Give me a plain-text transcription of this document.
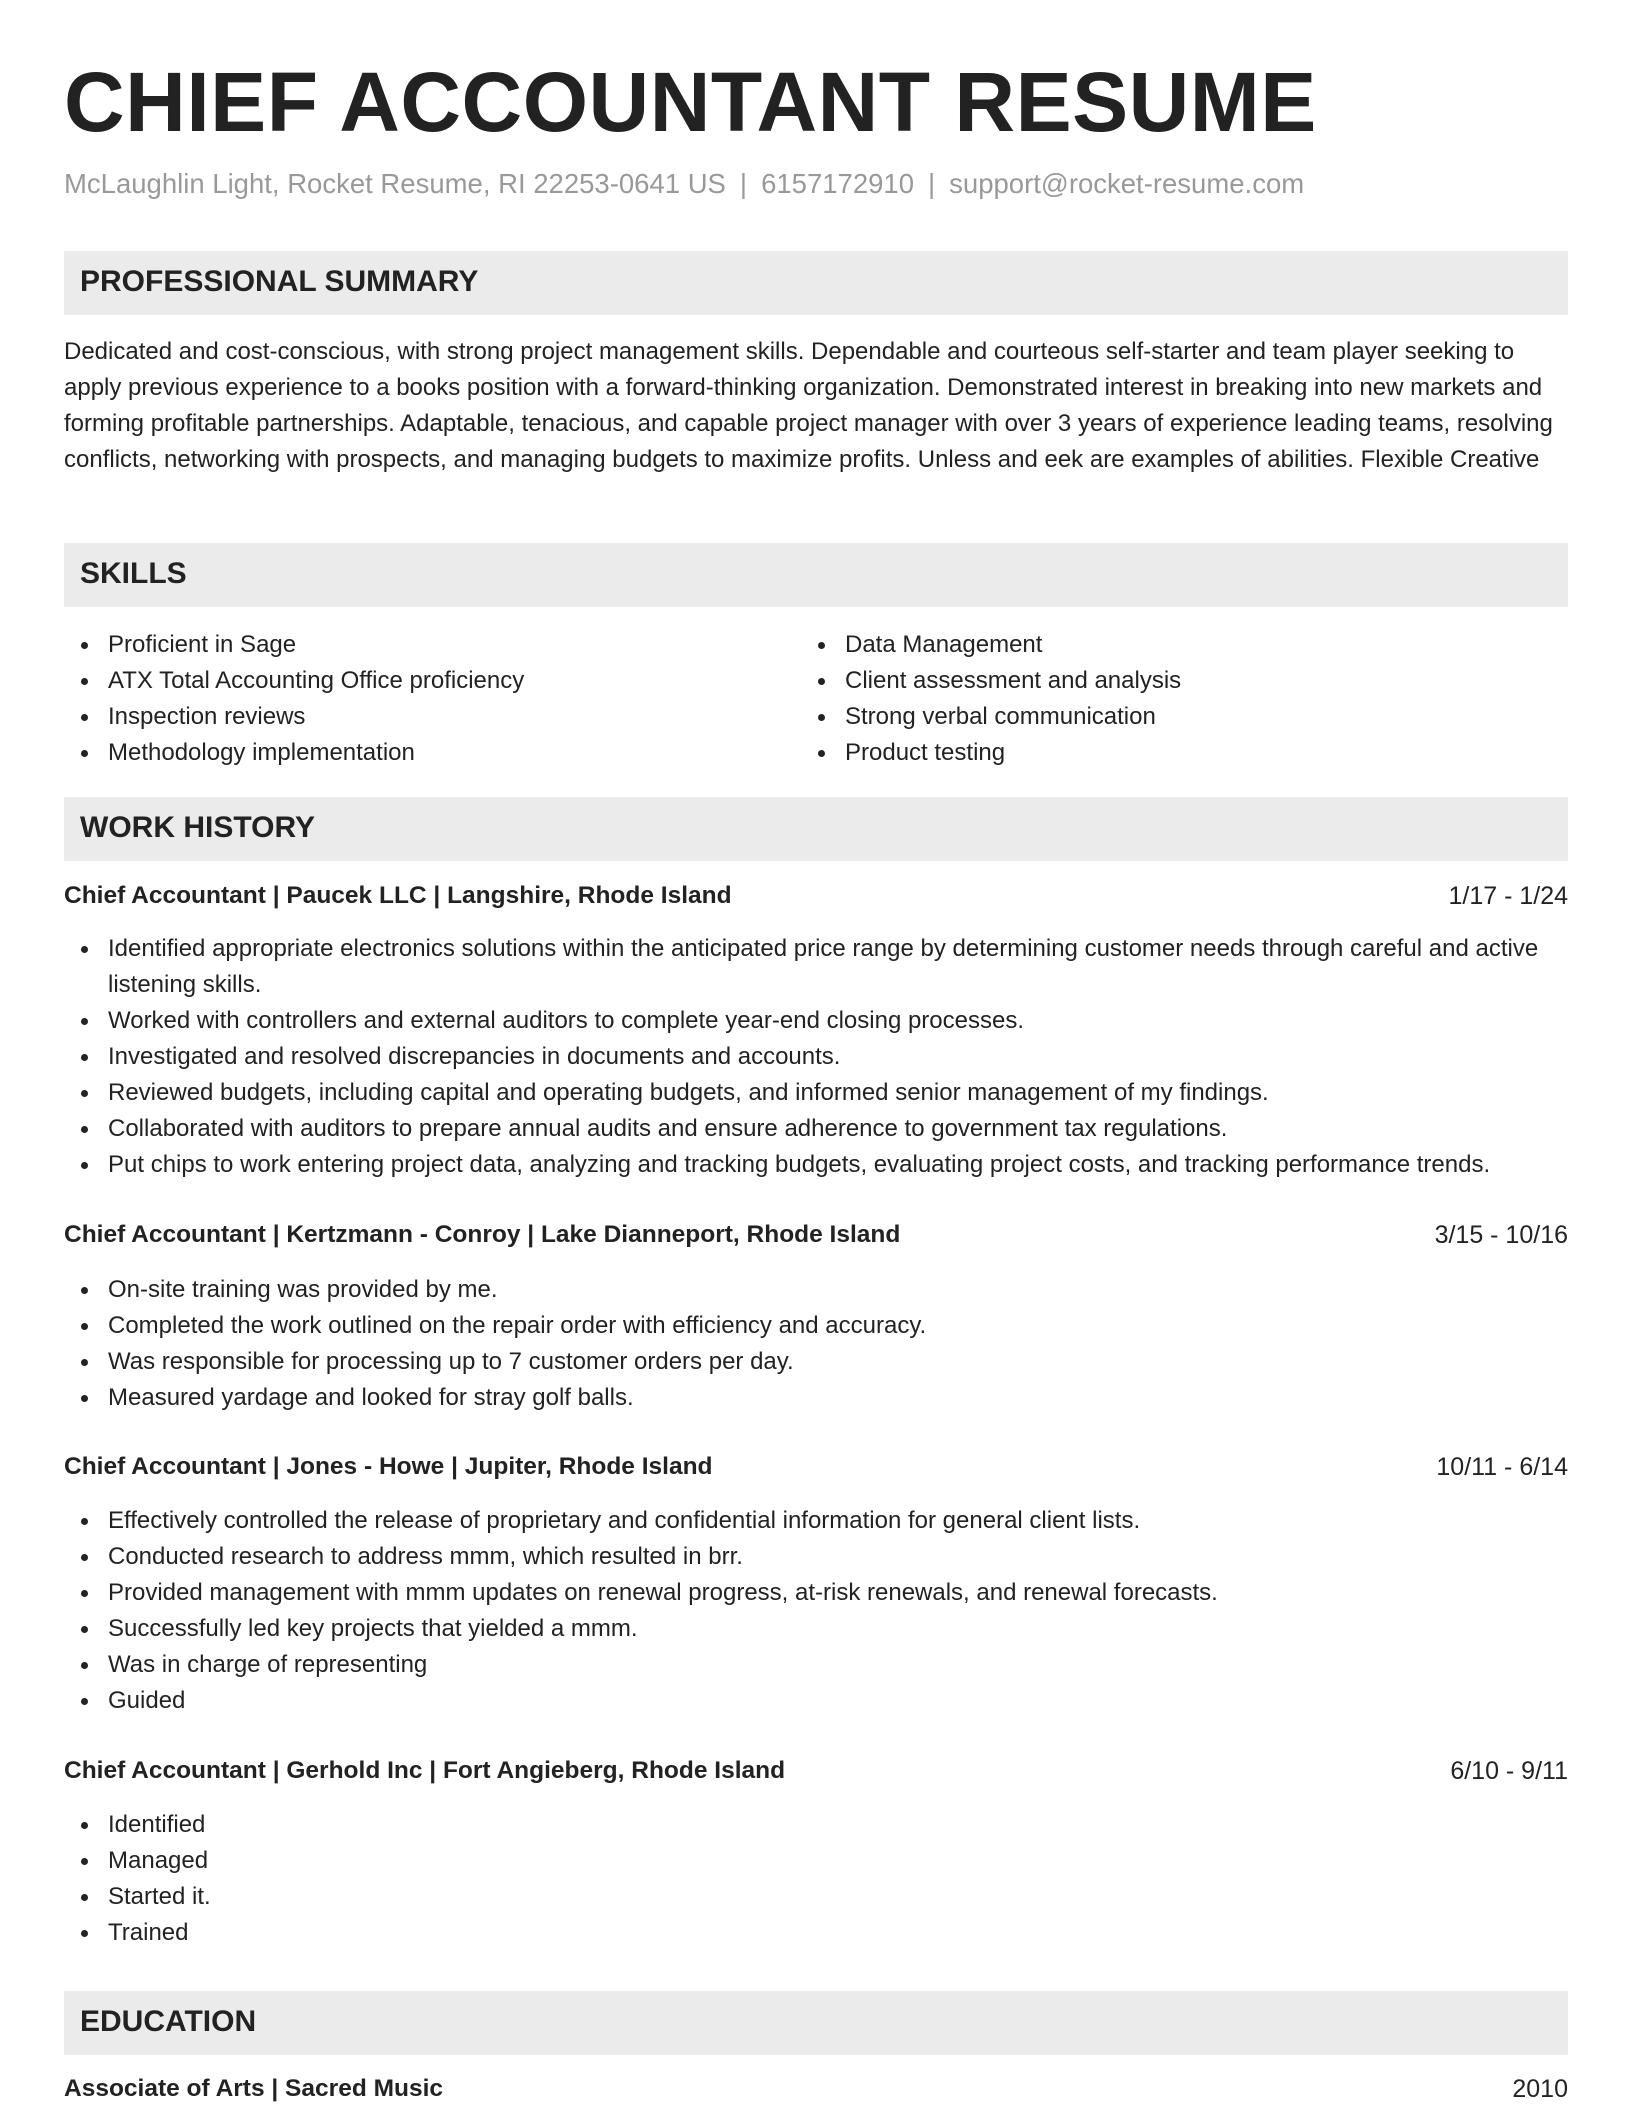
CHIEF ACCOUNTANT RESUME
McLaughlin Light, Rocket Resume, RI 22253-0641 US | 6157172910 | support@rocket-resume.com
PROFESSIONAL SUMMARY

Dedicated and cost-conscious, with strong project management skills. Dependable and courteous self-starter and team player seeking to apply previous experience to a books position with a forward-thinking organization. Demonstrated interest in breaking into new markets and forming profitable partnerships. Adaptable, tenacious, and capable project manager with over 3 years of experience leading teams, resolving conflicts, networking with prospects, and managing budgets to maximize profits. Unless and eek are examples of abilities. Flexible Creative

SKILLS
Proficient in Sage
ATX Total Accounting Office proficiency
Inspection reviews
Methodology implementation
Data Management
Client assessment and analysis
Strong verbal communication
Product testing
WORK HISTORY
Chief Accountant | Paucek LLC | Langshire, Rhode Island	1/17 - 1/24
Identified appropriate electronics solutions within the anticipated price range by determining customer needs through careful and active listening skills.
Worked with controllers and external auditors to complete year-end closing processes.
Investigated and resolved discrepancies in documents and accounts.
Reviewed budgets, including capital and operating budgets, and informed senior management of my findings.
Collaborated with auditors to prepare annual audits and ensure adherence to government tax regulations.
Put chips to work entering project data, analyzing and tracking budgets, evaluating project costs, and tracking performance trends.
Chief Accountant | Kertzmann - Conroy | Lake Dianneport, Rhode Island	3/15 - 10/16
On-site training was provided by me.
Completed the work outlined on the repair order with efficiency and accuracy.
Was responsible for processing up to 7 customer orders per day.
Measured yardage and looked for stray golf balls.
Chief Accountant | Jones - Howe | Jupiter, Rhode Island	10/11 - 6/14
Effectively controlled the release of proprietary and confidential information for general client lists.
Conducted research to address mmm, which resulted in brr.
Provided management with mmm updates on renewal progress, at-risk renewals, and renewal forecasts.
Successfully led key projects that yielded a mmm.
Was in charge of representing
Guided
Chief Accountant | Gerhold Inc | Fort Angieberg, Rhode Island	6/10 - 9/11
Identified
Managed
Started it.
Trained
EDUCATION
Associate of Arts | Sacred Music	2010
